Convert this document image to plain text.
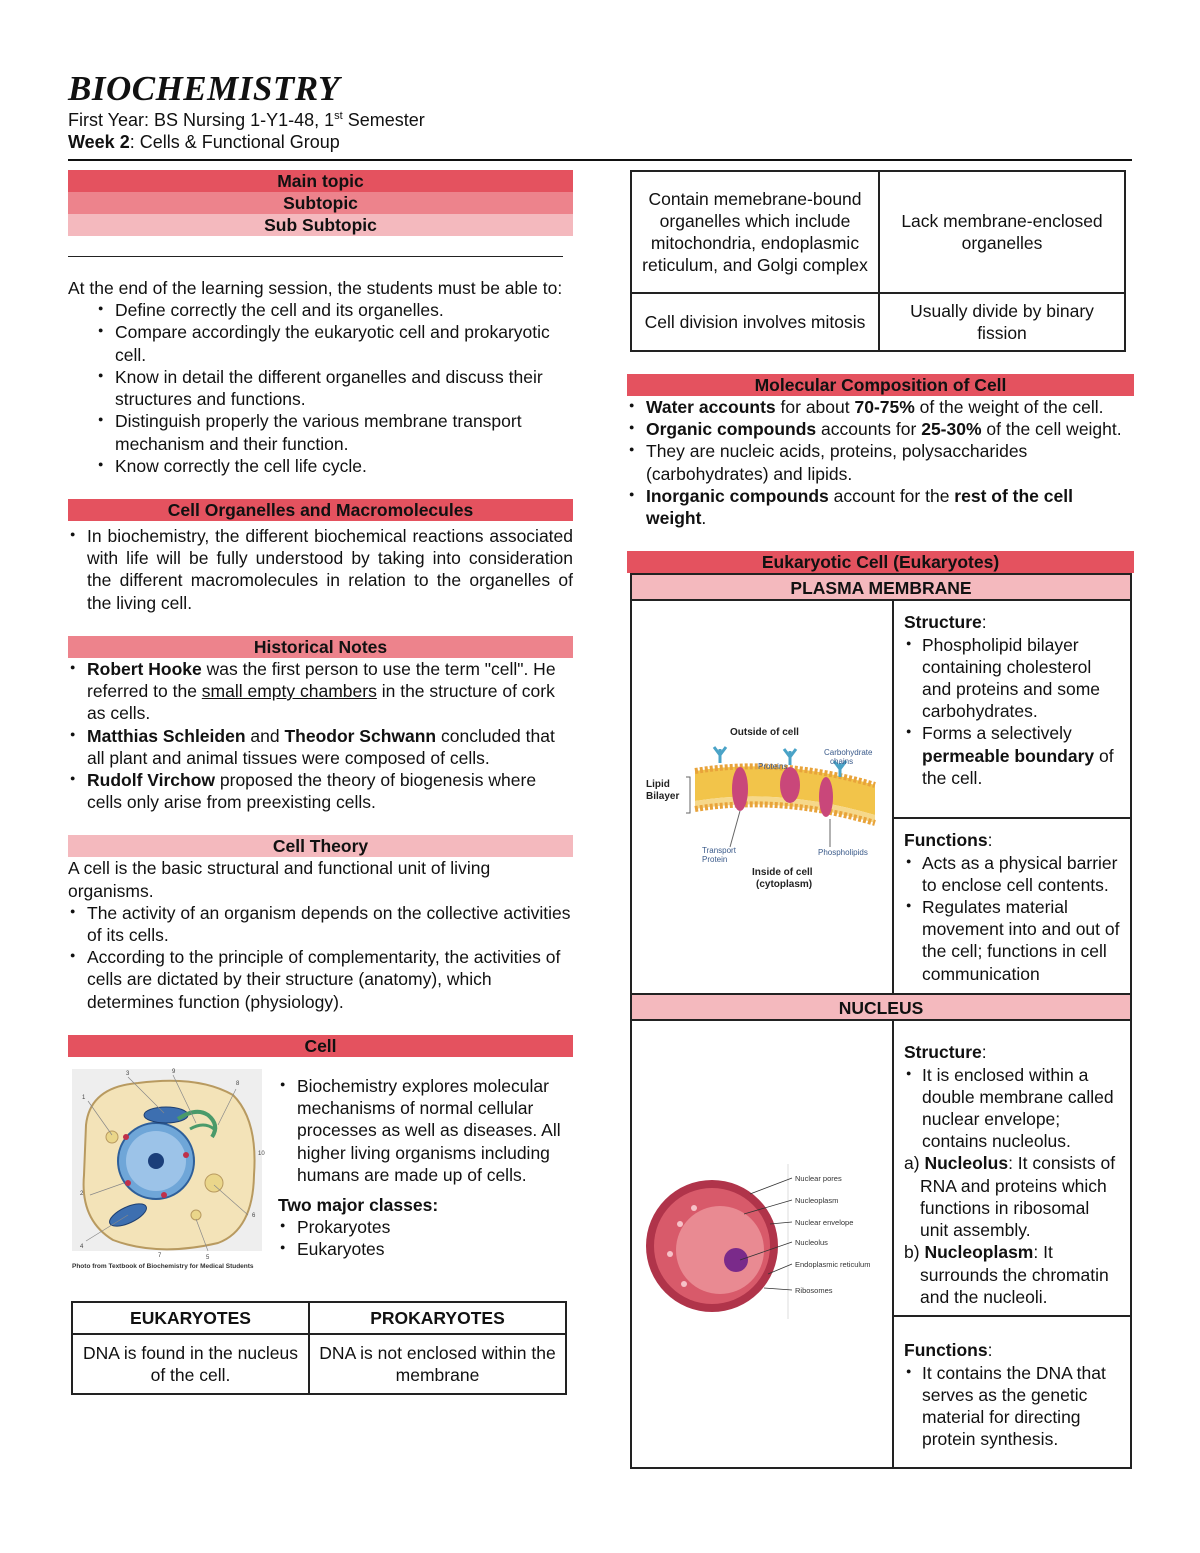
BIOCHEMISTRY
First Year: BS Nursing 1-Y1-48, 1st Semester
Week 2: Cells & Functional Group
Main topic
Subtopic
Sub Subtopic
At the end of the learning session, the students must be able to:
● Define correctly the cell and its organelles.
● Compare accordingly the eukaryotic cell and prokaryotic cell.
● Know in detail the different organelles and discuss their structures and functions.
● Distinguish properly the various membrane transport mechanism and their function.
● Know correctly the cell life cycle.
Cell Organelles and Macromolecules
● In biochemistry, the different biochemical reactions associated with life will be fully understood by taking into consideration the different macromolecules in relation to the organelles of the living cell.
Historical Notes
● Robert Hooke was the first person to use the term "cell". He referred to the small empty chambers in the structure of cork as cells.
● Matthias Schleiden and Theodor Schwann concluded that all plant and animal tissues were composed of cells.
● Rudolf Virchow proposed the theory of biogenesis where cells only arise from preexisting cells.
Cell Theory
A cell is the basic structural and functional unit of living organisms.
● The activity of an organism depends on the collective activities of its cells.
● According to the principle of complementarity, the activities of cells are dictated by their structure (anatomy), which determines function (physiology).
Cell
1
2
3
4
5
6
7
8
9
10
Photo from Textbook of Biochemistry for Medical Students
● Biochemistry explores molecular mechanisms of normal cellular processes as well as diseases. All higher living organisms including humans are made up of cells.
Two major classes:
● Prokaryotes
● Eukaryotes
EUKARYOTES	PROKARYOTES
DNA is found in the nucleus of the cell.	DNA is not enclosed within the membrane
Contain memebrane-bound organelles which include mitochondria, endoplasmic reticulum, and Golgi complex	Lack membrane-enclosed organelles
Cell division involves mitosis	Usually divide by binary fission
Molecular Composition of Cell
● Water accounts for about 70-75% of the weight of the cell.
● Organic compounds accounts for 25-30% of the cell weight.
● They are nucleic acids, proteins, polysaccharides (carbohydrates) and lipids.
● Inorganic compounds account for the rest of the cell weight.
Eukaryotic Cell (Eukaryotes)
PLASMA MEMBRANE
Outside of cell
Lipid
Bilayer
Proteins
Carbohydrate
chains
Transport
Protein
Phospholipids
Inside of cell
(cytoplasm)
Structure:
● Phospholipid bilayer containing cholesterol and proteins and some carbohydrates.
● Forms a selectively permeable boundary of the cell.
Functions:
● Acts as a physical barrier to enclose cell contents.
● Regulates material movement into and out of the cell; functions in cell communication
NUCLEUS
Nuclear pores
Nucleoplasm
Nuclear envelope
Nucleolus
Endoplasmic reticulum
Ribosomes
Structure:
● It is enclosed within a double membrane called nuclear envelope; contains nucleolus.
a) Nucleolus: It consists of RNA and proteins which functions in ribosomal unit assembly.
b) Nucleoplasm: It surrounds the chromatin and the nucleoli.
Functions:
● It contains the DNA that serves as the genetic material for directing protein synthesis.
